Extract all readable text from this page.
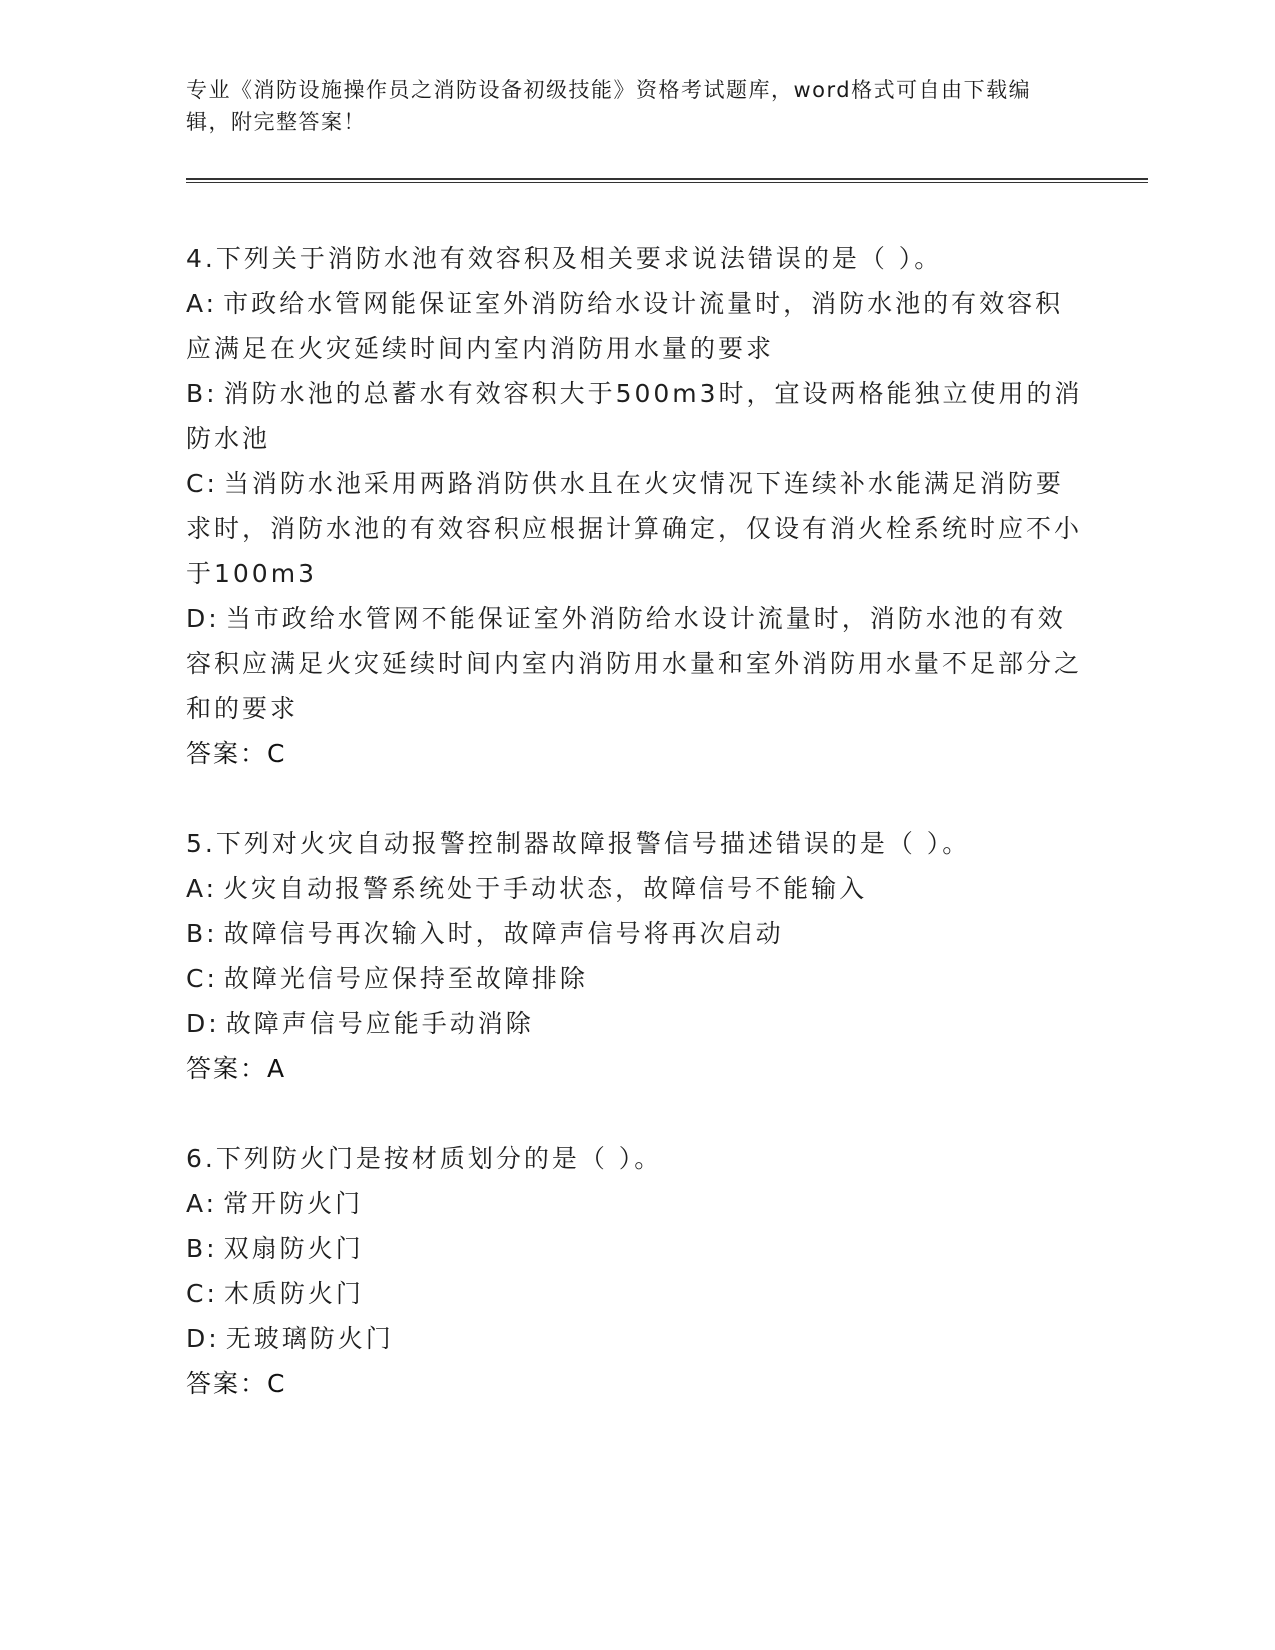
专业《消防设施操作员之消防设备初级技能》资格考试题库，word格式可自由下载编辑，附完整答案！

4.下列关于消防水池有效容积及相关要求说法错误的是（ ）。

A: 市政给水管网能保证室外消防给水设计流量时，消防水池的有效容积应满足在火灾延续时间内室内消防用水量的要求

B: 消防水池的总蓄水有效容积大于500m3时，宜设两格能独立使用的消防水池

C: 当消防水池采用两路消防供水且在火灾情况下连续补水能满足消防要求时，消防水池的有效容积应根据计算确定，仅设有消火栓系统时应不小于100m3

D: 当市政给水管网不能保证室外消防给水设计流量时，消防水池的有效容积应满足火灾延续时间内室内消防用水量和室外消防用水量不足部分之和的要求

答案：C

5.下列对火灾自动报警控制器故障报警信号描述错误的是（ ）。

A: 火灾自动报警系统处于手动状态，故障信号不能输入

B: 故障信号再次输入时，故障声信号将再次启动

C: 故障光信号应保持至故障排除

D: 故障声信号应能手动消除

答案：A

6.下列防火门是按材质划分的是（ ）。

A: 常开防火门

B: 双扇防火门

C: 木质防火门

D: 无玻璃防火门

答案：C
